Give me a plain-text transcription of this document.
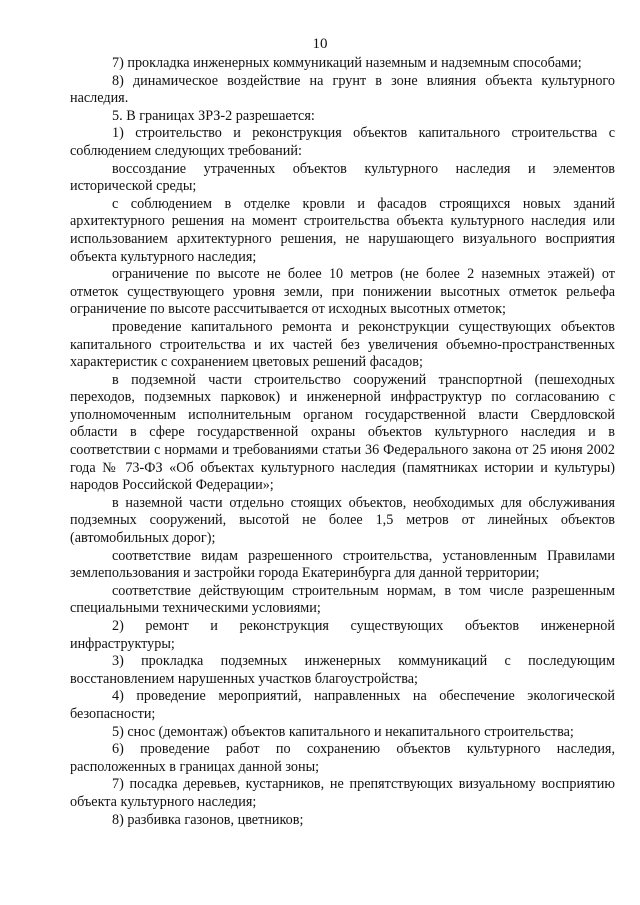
10

7) прокладка инженерных коммуникаций наземным и надземным способами;

8) динамическое воздействие на грунт в зоне влияния объекта культурного наследия.

5. В границах ЗРЗ-2 разрешается:

1) строительство и реконструкция объектов капитального строительства с соблюдением следующих требований:

воссоздание утраченных объектов культурного наследия и элементов исторической среды;

с соблюдением в отделке кровли и фасадов строящихся новых зданий архитектурного решения на момент строительства объекта культурного наследия или использованием архитектурного решения, не нарушающего визуального восприятия объекта культурного наследия;

ограничение по высоте не более 10 метров (не более 2 наземных этажей) от отметок существующего уровня земли, при понижении высотных отметок рельефа ограничение по высоте рассчитывается от исходных высотных отметок;

проведение капитального ремонта и реконструкции существующих объектов капитального строительства и их частей без увеличения объемно-пространственных характеристик с сохранением цветовых решений фасадов;

в подземной части строительство сооружений транспортной (пешеходных переходов, подземных парковок) и инженерной инфраструктур по согласованию с уполномоченным исполнительным органом государственной власти Свердловской области в сфере государственной охраны объектов культурного наследия и в соответствии с нормами и требованиями статьи 36 Федерального закона от 25 июня 2002 года № 73-ФЗ «Об объектах культурного наследия (памятниках истории и культуры) народов Российской Федерации»;

в наземной части отдельно стоящих объектов, необходимых для обслуживания подземных сооружений, высотой не более 1,5 метров от линейных объектов (автомобильных дорог);

соответствие видам разрешенного строительства, установленным Правилами землепользования и застройки города Екатеринбурга для данной территории;

соответствие действующим строительным нормам, в том числе разрешенным специальными техническими условиями;

2) ремонт и реконструкция существующих объектов инженерной инфраструктуры;

3) прокладка подземных инженерных коммуникаций с последующим восстановлением нарушенных участков благоустройства;

4) проведение мероприятий, направленных на обеспечение экологической безопасности;

5) снос (демонтаж) объектов капитального и некапитального строительства;

6) проведение работ по сохранению объектов культурного наследия, расположенных в границах данной зоны;

7) посадка деревьев, кустарников, не препятствующих визуальному восприятию объекта культурного наследия;

8) разбивка газонов, цветников;
